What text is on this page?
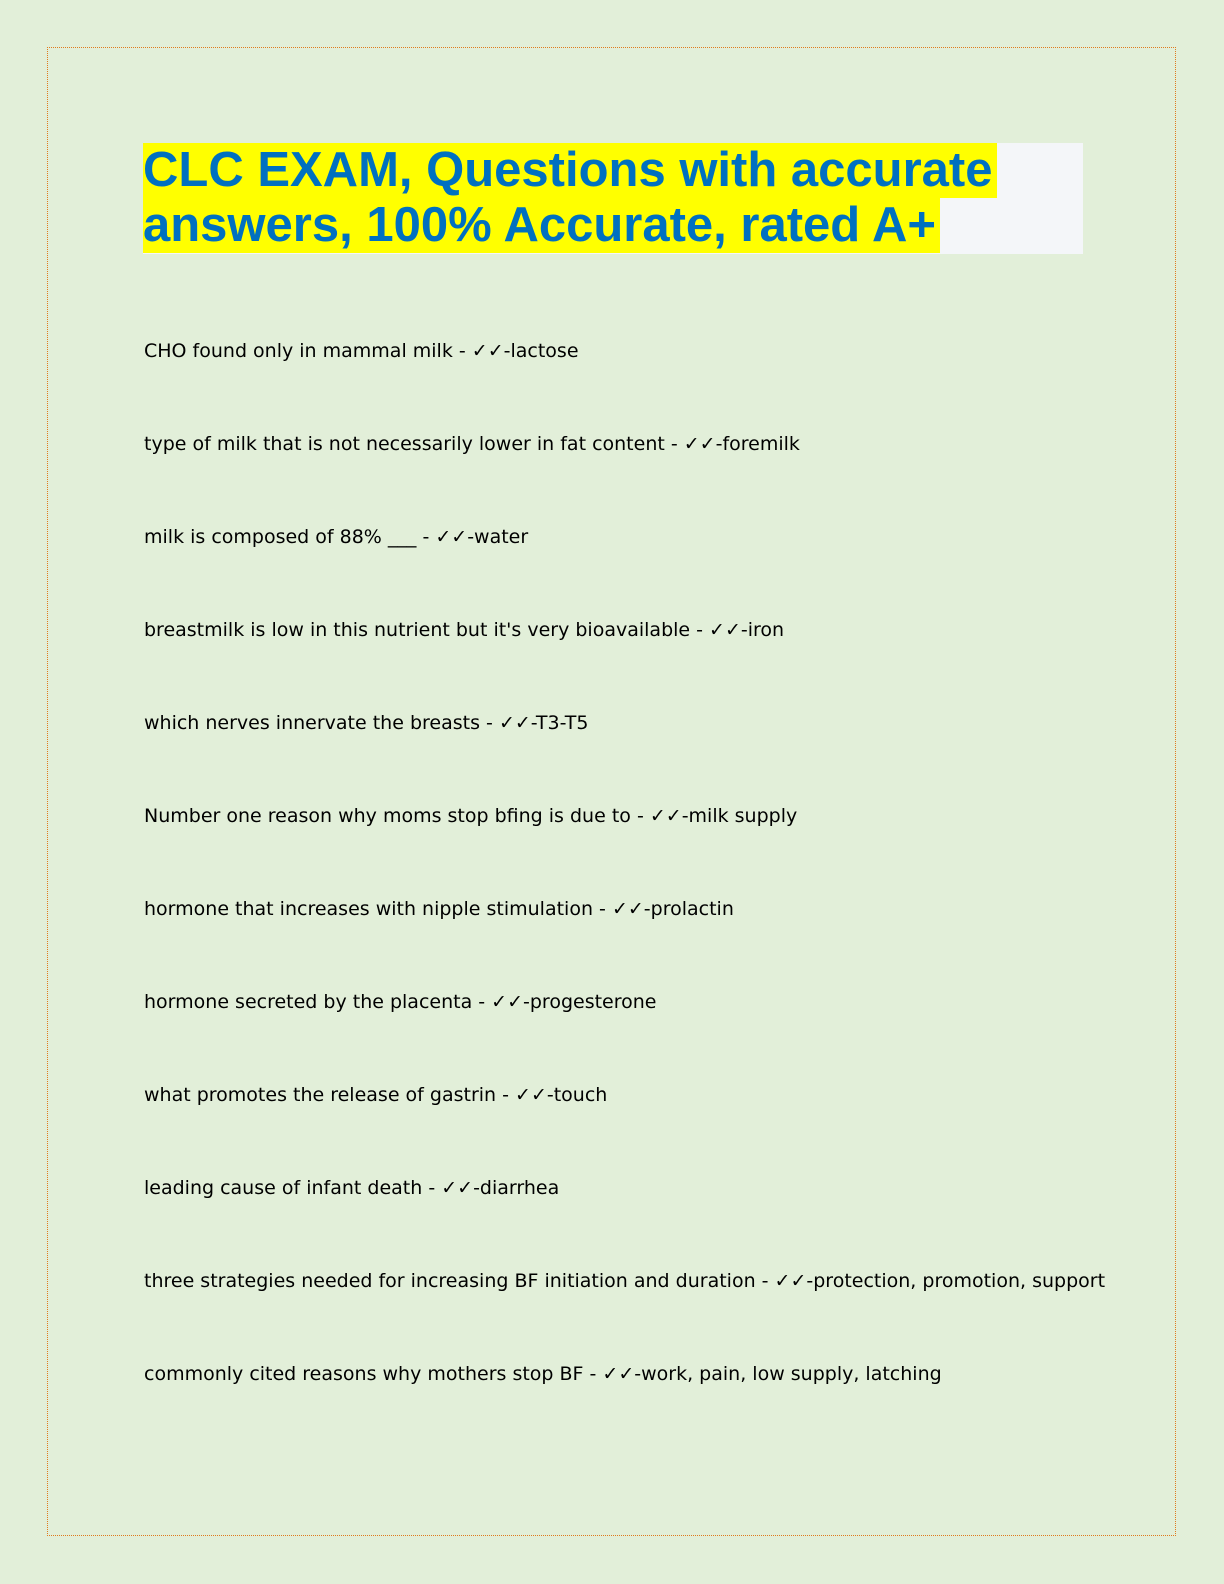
CLC EXAM, Questions with accurate
answers, 100% Accurate, rated A+
CHO found only in mammal milk - ✓✓-lactose
type of milk that is not necessarily lower in fat content - ✓✓-foremilk
milk is composed of 88% ___ - ✓✓-water
breastmilk is low in this nutrient but it's very bioavailable - ✓✓-iron
which nerves innervate the breasts - ✓✓-T3-T5
Number one reason why moms stop bfing is due to - ✓✓-milk supply
hormone that increases with nipple stimulation - ✓✓-prolactin
hormone secreted by the placenta - ✓✓-progesterone
what promotes the release of gastrin - ✓✓-touch
leading cause of infant death - ✓✓-diarrhea
three strategies needed for increasing BF initiation and duration - ✓✓-protection, promotion, support
commonly cited reasons why mothers stop BF - ✓✓-work, pain, low supply, latching
